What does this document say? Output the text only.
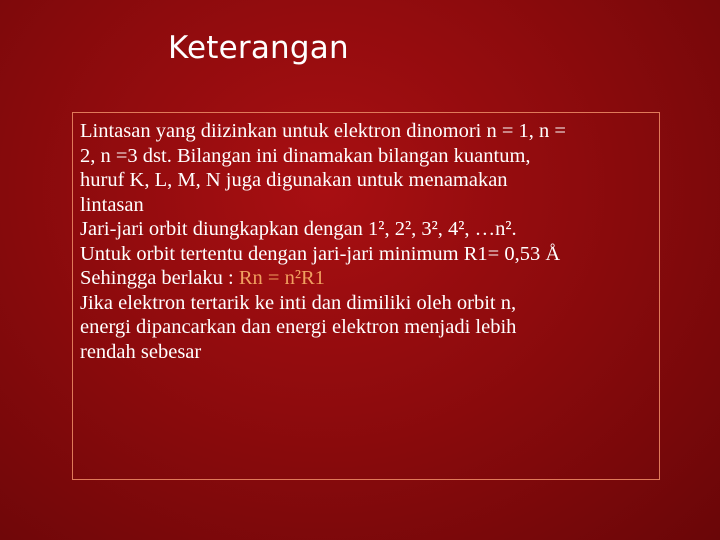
Keterangan
Lintasan yang diizinkan untuk elektron dinomori n = 1, n =
2, n =3 dst. Bilangan ini dinamakan bilangan kuantum,
huruf K, L, M, N juga digunakan untuk menamakan
lintasan
Jari-jari orbit diungkapkan dengan 1², 2², 3², 4², …n².
Untuk orbit tertentu dengan jari-jari minimum R1= 0,53 Å
Sehingga berlaku : Rn = n²R1
Jika elektron tertarik ke inti dan dimiliki oleh orbit n,
energi dipancarkan dan energi elektron menjadi lebih
rendah sebesar
